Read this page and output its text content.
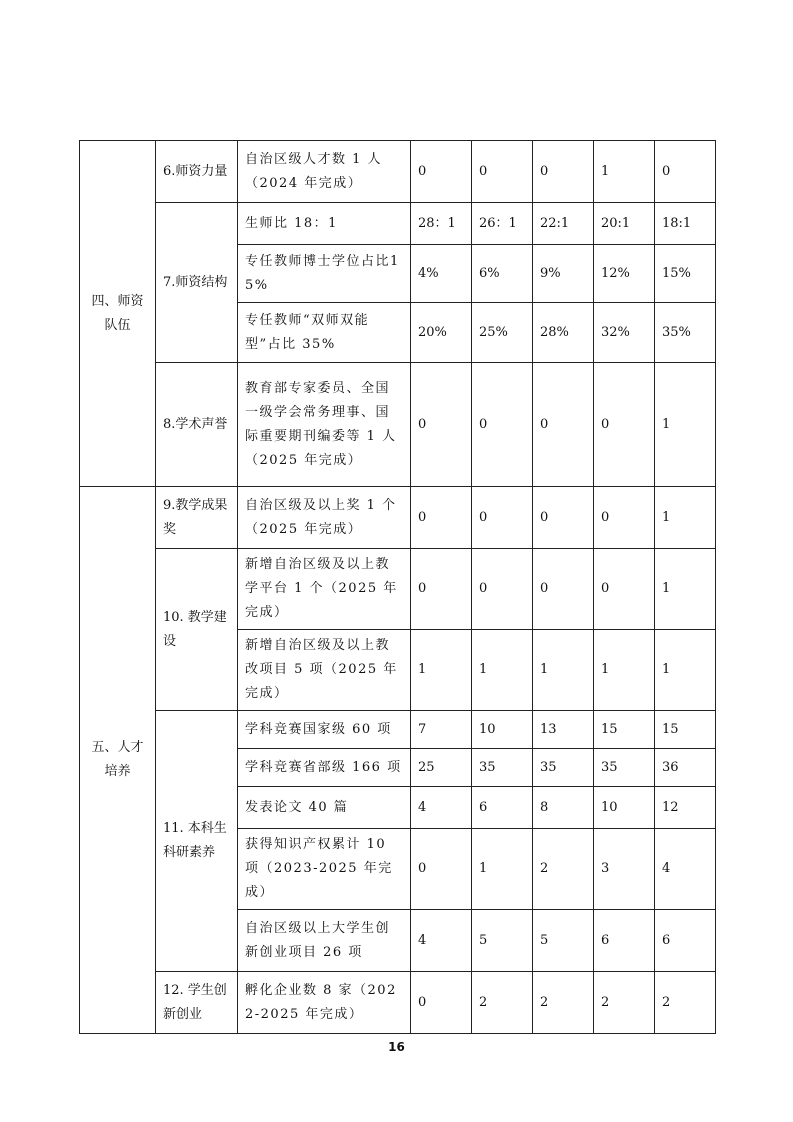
四、师资队伍	6.师资力量	自治区级人才数 1 人（2024 年完成）	0	0	0	1	0
	7.师资结构	生师比 18：1	28：1	26：1	22:1	20:1	18:1
		专任教师博士学位占比15%	4%	6%	9%	12%	15%
		专任教师“双师双能型”占比 35%	20%	25%	28%	32%	35%
	8.学术声誉	教育部专家委员、全国一级学会常务理事、国际重要期刊编委等 1 人（2025 年完成）	0	0	0	0	1
五、人才培养	9.教学成果奖	自治区级及以上奖 1 个（2025 年完成）	0	0	0	0	1
	10. 教学建设	新增自治区级及以上教学平台 1 个（2025 年完成）	0	0	0	0	1
		新增自治区级及以上教改项目 5 项（2025 年完成）	1	1	1	1	1
	11. 本科生科研素养	学科竞赛国家级 60 项	7	10	13	15	15
		学科竞赛省部级 166 项	25	35	35	35	36
		发表论文 40 篇	4	6	8	10	12
		获得知识产权累计 10 项（2023-2025 年完成）	0	1	2	3	4
		自治区级以上大学生创新创业项目 26 项	4	5	5	6	6
	12. 学生创新创业	孵化企业数 8 家（2022-2025 年完成）	0	2	2	2	2
16
